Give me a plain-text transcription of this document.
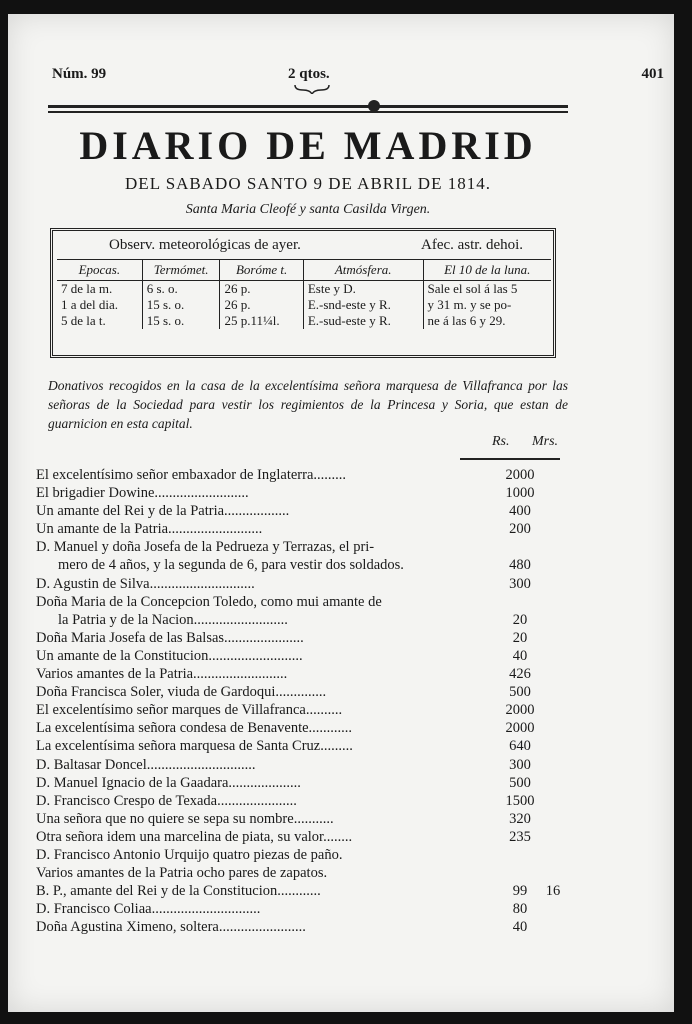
Núm. 99	2 qtos.	401
DIARIO DE MADRID
DEL SABADO SANTO 9 DE ABRIL DE 1814.
Santa Maria Cleofé y santa Casilda Virgen.
Observ. meteorológicas de ayer.	Afec. astr. dehoi.
Epocas.	Termómet.	Boróme t.	Atmósfera.	El 10 de la luna.
7 de la m.	6 s. o.	26 p.	Este y D.	Sale el sol á las 5
1 a del dia.	15 s. o.	26 p.	E.-snd-este y R.	y 31 m. y se po-
5 de la t.	15 s. o.	25 p.11¼l.	E.-sud-este y R.	ne á las 6 y 29.
Donativos recogidos en la casa de la excelentísima señora marquesa de Villafranca por las señoras de la Sociedad para vestir los regimientos de la Princesa y Soria, que estan de guarnicion en esta capital.
Rs. Mrs.
El excelentísimo señor embaxador de Inglaterra.........	2000
El brigadier Dowine..........................	1000
Un amante del Rei y de la Patria..................	400
Un amante de la Patria..........................	200
D. Manuel y doña Josefa de la Pedrueza y Terrazas, el pri-
mero de 4 años, y la segunda de 6, para vestir dos soldados.	480
D. Agustin de Silva.............................	300
Doña Maria de la Concepcion Toledo, como mui amante de
la Patria y de la Nacion..........................	20
Doña Maria Josefa de las Balsas......................	20
Un amante de la Constitucion..........................	40
Varios amantes de la Patria..........................	426
Doña Francisca Soler, viuda de Gardoqui..............	500
El excelentísimo señor marques de Villafranca..........	2000
La excelentísima señora condesa de Benavente............	2000
La excelentísima señora marquesa de Santa Cruz.........	640
D. Baltasar Doncel..............................	300
D. Manuel Ignacio de la Gaadara....................	500
D. Francisco Crespo de Texada......................	1500
Una señora que no quiere se sepa su nombre...........	320
Otra señora idem una marcelina de piata, su valor........	235
D. Francisco Antonio Urquijo quatro piezas de paño.
Varios amantes de la Patria ocho pares de zapatos.
B. P., amante del Rei y de la Constitucion............	99	16
D. Francisco Coliaa..............................	80
Doña Agustina Ximeno, soltera........................	40
